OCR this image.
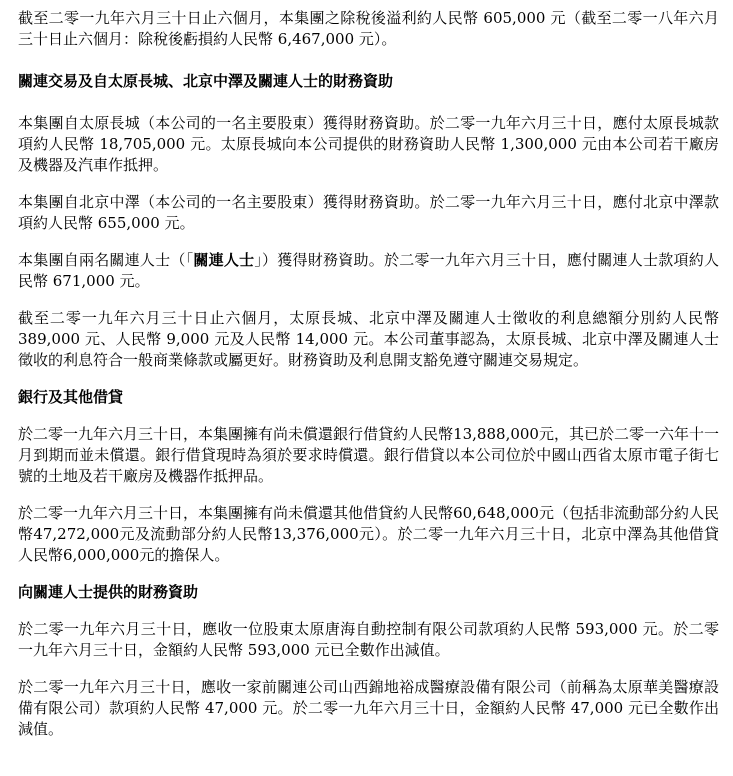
截至二零一九年六月三十日止六個月，本集團之除稅後溢利約人民幣 605,000 元（截至二零一八年六月三十日止六個月：除稅後虧損約人民幣 6,467,000 元）。

關連交易及自太原長城、北京中澤及關連人士的財務資助

本集團自太原長城（本公司的一名主要股東）獲得財務資助。於二零一九年六月三十日，應付太原長城款項約人民幣 18,705,000 元。太原長城向本公司提供的財務資助人民幣 1,300,000 元由本公司若干廠房及機器及汽車作抵押。

本集團自北京中澤（本公司的一名主要股東）獲得財務資助。於二零一九年六月三十日，應付北京中澤款項約人民幣 655,000 元。

本集團自兩名關連人士（「關連人士」）獲得財務資助。於二零一九年六月三十日，應付關連人士款項約人民幣 671,000 元。

截至二零一九年六月三十日止六個月，太原長城、北京中澤及關連人士徵收的利息總額分別約人民幣 389,000 元、人民幣 9,000 元及人民幣 14,000 元。本公司董事認為，太原長城、北京中澤及關連人士徵收的利息符合一般商業條款或屬更好。財務資助及利息開支豁免遵守關連交易規定。

銀行及其他借貸

於二零一九年六月三十日，本集團擁有尚未償還銀行借貸約人民幣13,888,000元，其已於二零一六年十一月到期而並未償還。銀行借貸現時為須於要求時償還。銀行借貸以本公司位於中國山西省太原市電子街七號的土地及若干廠房及機器作抵押品。

於二零一九年六月三十日，本集團擁有尚未償還其他借貸約人民幣60,648,000元（包括非流動部分約人民幣47,272,000元及流動部分約人民幣13,376,000元）。於二零一九年六月三十日，北京中澤為其他借貸人民幣6,000,000元的擔保人。

向關連人士提供的財務資助

於二零一九年六月三十日，應收一位股東太原唐海自動控制有限公司款項約人民幣 593,000 元。於二零一九年六月三十日，金額約人民幣 593,000 元已全數作出減值。

於二零一九年六月三十日，應收一家前關連公司山西錦地裕成醫療設備有限公司（前稱為太原華美醫療設備有限公司）款項約人民幣 47,000 元。於二零一九年六月三十日，金額約人民幣 47,000 元已全數作出減值。
